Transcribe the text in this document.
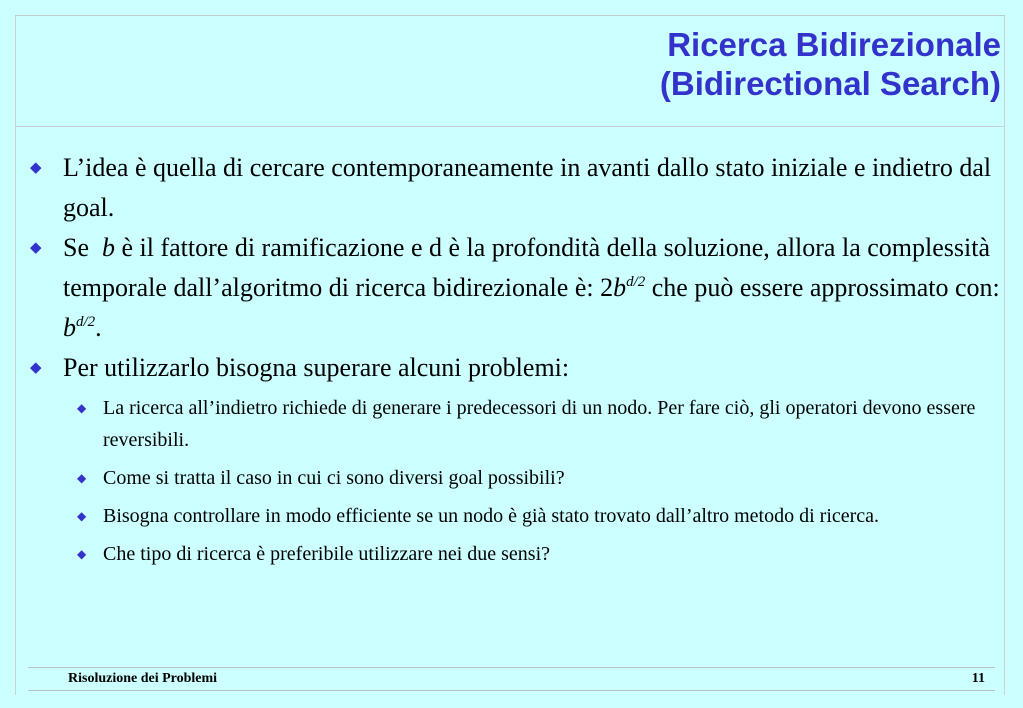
Ricerca Bidirezionale
(Bidirectional Search)
◆ L’idea è quella di cercare contemporaneamente in avanti dallo stato iniziale e indietro dal goal.
◆ Se b è il fattore di ramificazione e d è la profondità della soluzione, allora la complessità temporale dall’algoritmo di ricerca bidirezionale è: $2b^{d/2}$ che può essere approssimato con: $b^{d/2}$.
◆ Per utilizzarlo bisogna superare alcuni problemi:
◆ La ricerca all’indietro richiede di generare i predecessori di un nodo. Per fare ciò, gli operatori devono essere reversibili.
◆ Come si tratta il caso in cui ci sono diversi goal possibili?
◆ Bisogna controllare in modo efficiente se un nodo è già stato trovato dall’altro metodo di ricerca.
◆ Che tipo di ricerca è preferibile utilizzare nei due sensi?
Risoluzione dei Problemi	11
